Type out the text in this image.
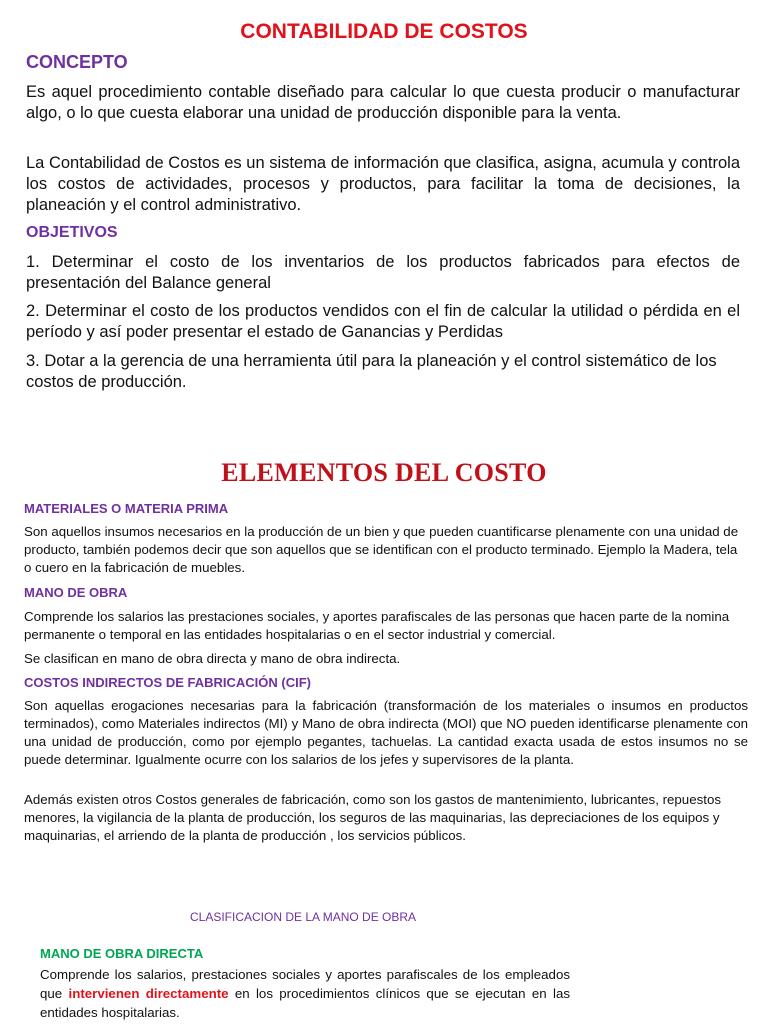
CONTABILIDAD DE COSTOS
CONCEPTO
Es aquel procedimiento contable diseñado para calcular lo que cuesta producir o manufacturar algo, o lo que cuesta elaborar una unidad de producción disponible para la venta.
La Contabilidad de Costos es un sistema de información que clasifica, asigna, acumula y controla los costos de actividades, procesos y productos, para facilitar la toma de decisiones, la planeación y el control administrativo.
OBJETIVOS
1. Determinar el costo de los inventarios de los productos fabricados para efectos de presentación del Balance general
2. Determinar el costo de los productos vendidos con el fin de calcular la utilidad o pérdida en el período y así poder presentar el estado de Ganancias y Perdidas
3. Dotar a la gerencia de una herramienta útil para la planeación y el control sistemático de los costos de producción.
ELEMENTOS DEL COSTO
MATERIALES O MATERIA PRIMA
Son aquellos insumos necesarios en la producción de un bien y que pueden cuantificarse plenamente con una unidad de producto, también podemos decir que son aquellos que se identifican con el producto terminado. Ejemplo la Madera, tela o cuero en la fabricación de muebles.
MANO DE OBRA
Comprende los salarios las prestaciones sociales, y aportes parafiscales de las personas que hacen parte de la nomina permanente o temporal en las entidades hospitalarias o en el sector industrial y comercial.
Se clasifican en mano de obra directa y mano de obra indirecta.
COSTOS INDIRECTOS DE FABRICACIÓN (CIF)
Son aquellas erogaciones necesarias para la fabricación (transformación de los materiales o insumos en productos terminados), como Materiales indirectos (MI) y Mano de obra indirecta (MOI) que NO pueden identificarse plenamente con una unidad de producción, como por ejemplo pegantes, tachuelas. La cantidad exacta usada de estos insumos no se puede determinar. Igualmente ocurre con los salarios de los jefes y supervisores de la planta.
Además existen otros Costos generales de fabricación, como son los gastos de mantenimiento, lubricantes, repuestos menores, la vigilancia de la planta de producción, los seguros de las maquinarias, las depreciaciones de los equipos y maquinarias, el arriendo de la planta de producción , los servicios públicos.
CLASIFICACION DE LA MANO DE OBRA
MANO DE OBRA DIRECTA
Comprende los salarios, prestaciones sociales y aportes parafiscales de los empleados que intervienen directamente en los procedimientos clínicos que se ejecutan en las entidades hospitalarias.
